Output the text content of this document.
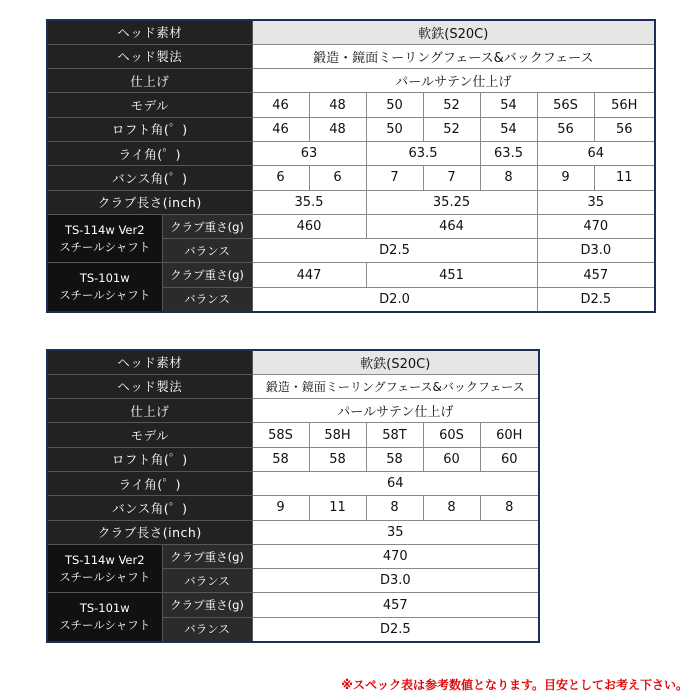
ヘッド素材		軟鉄(S20C)						
ヘッド製法		鍛造・鏡面ミーリングフェース&バックフェース						
仕上げ		パールサテン仕上げ						
モデル		46	48	50	52	54	56S	56H
ロフト角(゜)		46	48	50	52	54	56	56
ライ角(゜)		63		63.5		63.5	64	
バンス角(゜)		6	6	7	7	8	9	11
クラブ長さ(inch)		35.5		35.25			35	
TS-114w Ver2
スチールシャフト	クラブ重さ(g)	460		464			470	
	バランス	D2.5					D3.0	
TS-101w
スチールシャフト	クラブ重さ(g)	447		451			457	
	バランス	D2.0					D2.5	
ヘッド素材		軟鉄(S20C)				
ヘッド製法		鍛造・鏡面ミーリングフェース&バックフェース				
仕上げ		パールサテン仕上げ				
モデル		58S	58H	58T	60S	60H
ロフト角(゜)		58	58	58	60	60
ライ角(゜)		64				
バンス角(゜)		9	11	8	8	8
クラブ長さ(inch)		35				
TS-114w Ver2
スチールシャフト	クラブ重さ(g)	470				
	バランス	D3.0				
TS-101w
スチールシャフト	クラブ重さ(g)	457				
	バランス	D2.5				
※スペック表は参考数値となります。目安としてお考え下さい。
